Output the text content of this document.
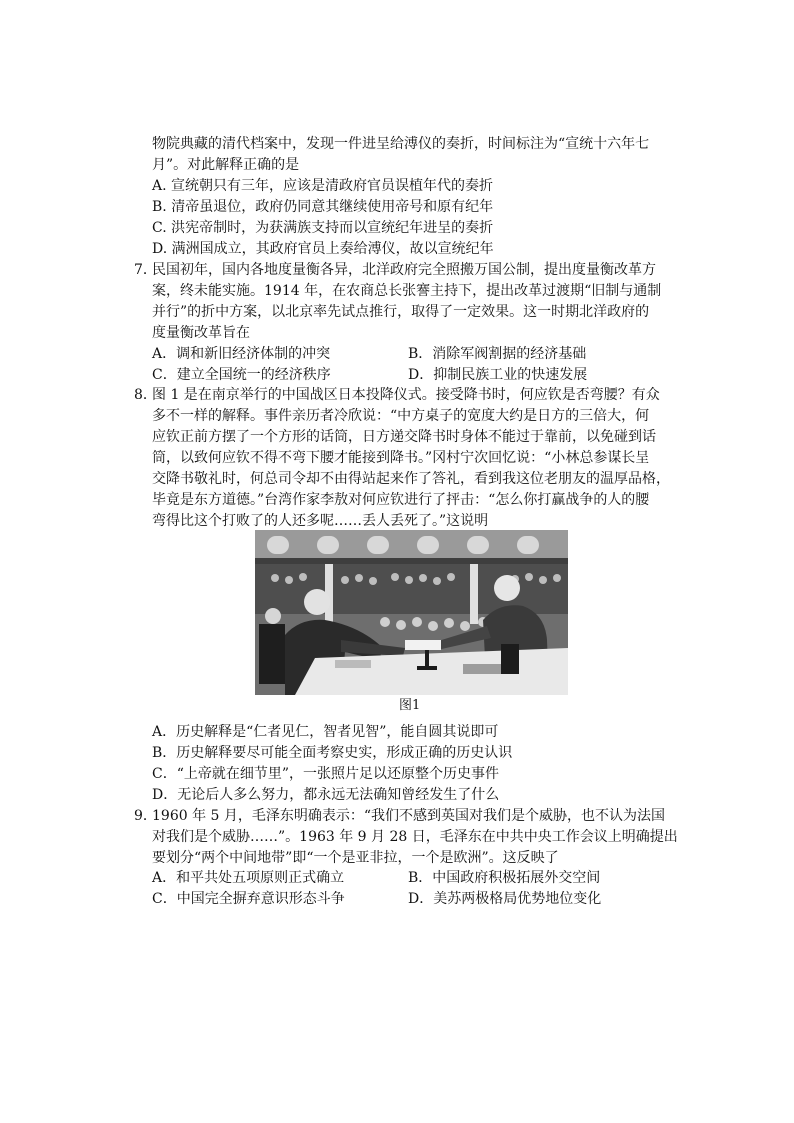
物院典藏的清代档案中，发现一件进呈给溥仪的奏折，时间标注为“宣统十六年七

月”。对此解释正确的是

A. 宣统朝只有三年，应该是清政府官员误植年代的奏折
B. 清帝虽退位，政府仍同意其继续使用帝号和原有纪年
C. 洪宪帝制时，为获满族支持而以宣统纪年进呈的奏折
D. 满洲国成立，其政府官员上奏给溥仪，故以宣统纪年
7．

民国初年，国内各地度量衡各异，北洋政府完全照搬万国公制，提出度量衡改革方

案，终未能实施。1914 年，在农商总长张謇主持下，提出改革过渡期“旧制与通制

并行”的折中方案，以北京率先试点推行，取得了一定效果。这一时期北洋政府的

度量衡改革旨在

A．调和新旧经济体制的冲突	B．消除军阀割据的经济基础
C．建立全国统一的经济秩序	D．抑制民族工业的快速发展
8．

图 1 是在南京举行的中国战区日本投降仪式。接受降书时，何应钦是否弯腰？有众

多不一样的解释。事件亲历者冷欣说：“中方桌子的宽度大约是日方的三倍大，何

应钦正前方摆了一个方形的话筒，日方递交降书时身体不能过于靠前，以免碰到话

筒，以致何应钦不得不弯下腰才能接到降书。”冈村宁次回忆说：“小林总参谋长呈

交降书敬礼时，何总司令却不由得站起来作了答礼，看到我这位老朋友的温厚品格，

毕竟是东方道德。”台湾作家李敖对何应钦进行了抨击：“怎么你打赢战争的人的腰

弯得比这个打败了的人还多呢……丢人丢死了。”这说明

图1
A．历史解释是“仁者见仁，智者见智”，能自圆其说即可
B．历史解释要尽可能全面考察史实，形成正确的历史认识
C．“上帝就在细节里”，一张照片足以还原整个历史事件
D．无论后人多么努力，都永远无法确知曾经发生了什么
9．

1960 年 5 月，毛泽东明确表示：“我们不感到英国对我们是个威胁，也不认为法国

对我们是个威胁……”。1963 年 9 月 28 日，毛泽东在中共中央工作会议上明确提出

要划分“两个中间地带”即“一个是亚非拉，一个是欧洲”。这反映了

A．和平共处五项原则正式确立	B．中国政府积极拓展外交空间
C．中国完全摒弃意识形态斗争	D．美苏两极格局优势地位变化
